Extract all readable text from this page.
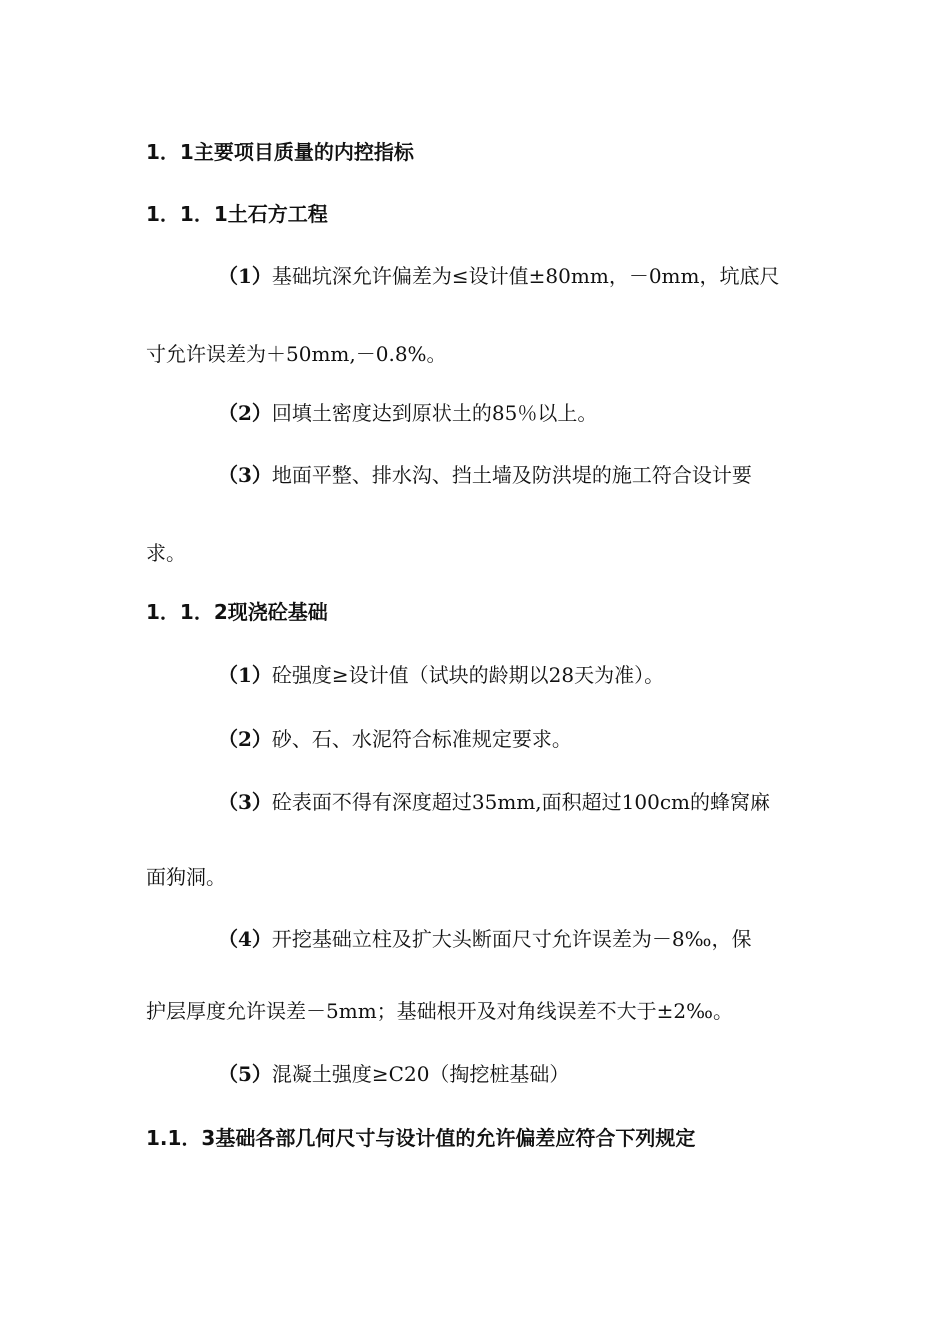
1．1主要项目质量的内控指标
1．1．1土石方工程
（1）基础坑深允许偏差为≤设计值±80mm，－0mm，坑底尺
寸允许误差为＋50mm,－0.8%。
（2）回填土密度达到原状土的85％以上。
（3）地面平整、排水沟、挡土墙及防洪堤的施工符合设计要
求。
1．1．2现浇砼基础
（1）砼强度≥设计值（试块的龄期以28天为准）。
（2）砂、石、水泥符合标准规定要求。
（3）砼表面不得有深度超过35mm,面积超过100cm的蜂窝麻
面狗洞。
（4）开挖基础立柱及扩大头断面尺寸允许误差为－8‰，保
护层厚度允许误差－5mm；基础根开及对角线误差不大于±2‰。
（5）混凝土强度≥C20（掏挖桩基础）
1.1．3基础各部几何尺寸与设计值的允许偏差应符合下列规定
